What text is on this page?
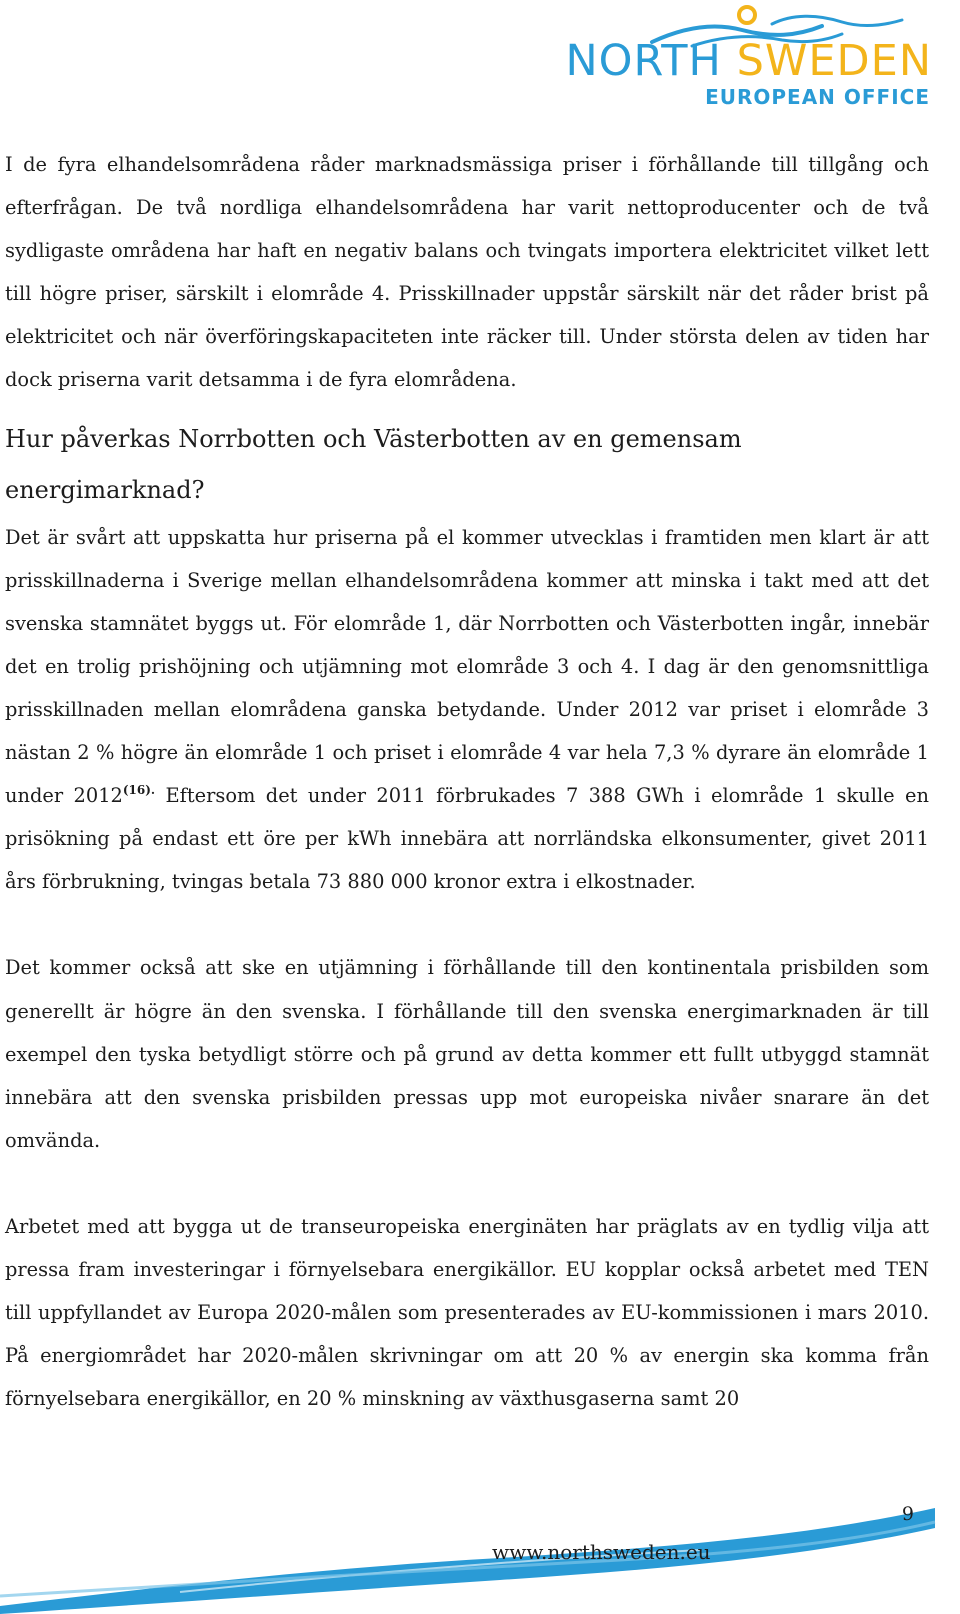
NORTH SWEDEN
EUROPEAN OFFICE

I de fyra elhandelsområdena råder marknadsmässiga priser i förhållande till tillgång och efterfrågan. De två nordliga elhandelsområdena har varit nettoproducenter och de två sydligaste områdena har haft en negativ balans och tvingats importera elektricitet vilket lett till högre priser, särskilt i elområde 4. Prisskillnader uppstår särskilt när det råder brist på elektricitet och när överföringskapaciteten inte räcker till. Under största delen av tiden har dock priserna varit detsamma i de fyra elområdena.

Hur påverkas Norrbotten och Västerbotten av en gemensam energimarknad?

Det är svårt att uppskatta hur priserna på el kommer utvecklas i framtiden men klart är att prisskillnaderna i Sverige mellan elhandelsområdena kommer att minska i takt med att det svenska stamnätet byggs ut. För elområde 1, där Norrbotten och Västerbotten ingår, innebär det en trolig prishöjning och utjämning mot elområde 3 och 4. I dag är den genomsnittliga prisskillnaden mellan elområdena ganska betydande. Under 2012 var priset i elområde 3 nästan 2 % högre än elområde 1 och priset i elområde 4 var hela 7,3 % dyrare än elområde 1 under $2012^{(16).}$ Eftersom det under 2011 förbrukades 7 388 GWh i elområde 1 skulle en prisökning på endast ett öre per kWh innebära att norrländska elkonsumenter, givet 2011 års förbrukning, tvingas betala 73 880 000 kronor extra i elkostnader.

Det kommer också att ske en utjämning i förhållande till den kontinentala prisbilden som generellt är högre än den svenska. I förhållande till den svenska energimarknaden är till exempel den tyska betydligt större och på grund av detta kommer ett fullt utbyggd stamnät innebära att den svenska prisbilden pressas upp mot europeiska nivåer snarare än det omvända.

Arbetet med att bygga ut de transeuropeiska energinäten har präglats av en tydlig vilja att pressa fram investeringar i förnyelsebara energikällor. EU kopplar också arbetet med TEN till uppfyllandet av Europa 2020-målen som presenterades av EU-kommissionen i mars 2010. På energiområdet har 2020-målen skrivningar om att 20 % av energin ska komma från förnyelsebara energikällor, en 20 % minskning av växthusgaserna samt 20

9
www.northsweden.eu
